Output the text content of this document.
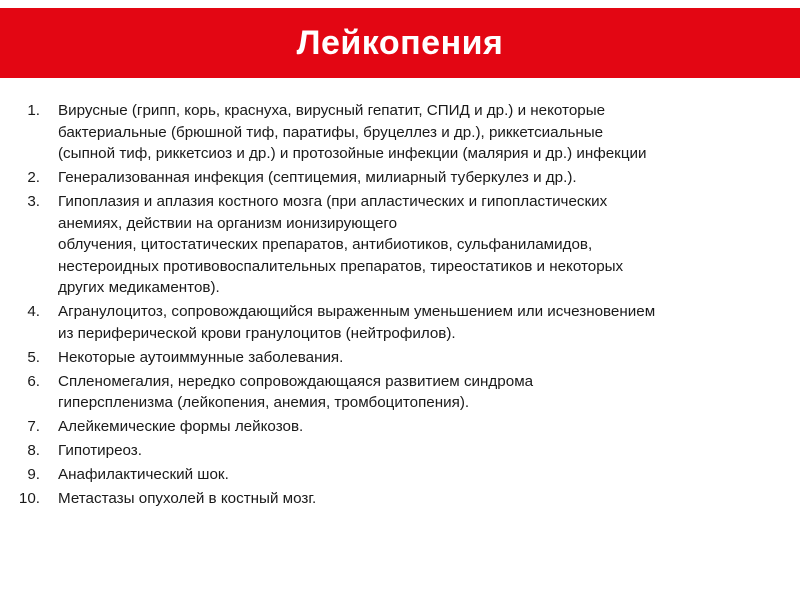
Лейкопения
1. Вирусные (грипп, корь, краснуха, вирусный гепатит, СПИД и др.) и некоторые
бактериальные (брюшной тиф, паратифы, бруцеллез и др.), риккетсиальные
(сыпной тиф, риккетсиоз и др.) и протозойные инфекции (малярия и др.) инфекции
2. Генерализованная инфекция (септицемия, милиарный туберкулез и др.).
3. Гипоплазия и аплазия костного мозга (при апластических и гипопластических
анемиях, действии на организм ионизирующего
облучения, цитостатических препаратов, антибиотиков, сульфаниламидов,
нестероидных противовоспалительных препаратов, тиреостатиков и некоторых
других медикаментов).
4. Агранулоцитоз, сопровождающийся выраженным уменьшением или исчезновением
из периферической крови гранулоцитов (нейтрофилов).
5. Некоторые аутоиммунные заболевания.
6. Спленомегалия, нередко сопровождающаяся развитием синдрома
гиперспленизма (лейкопения, анемия, тромбоцитопения).
7. Алейкемические формы лейкозов.
8. Гипотиреоз.
9. Анафилактический шок.
10. Метастазы опухолей в костный мозг.
